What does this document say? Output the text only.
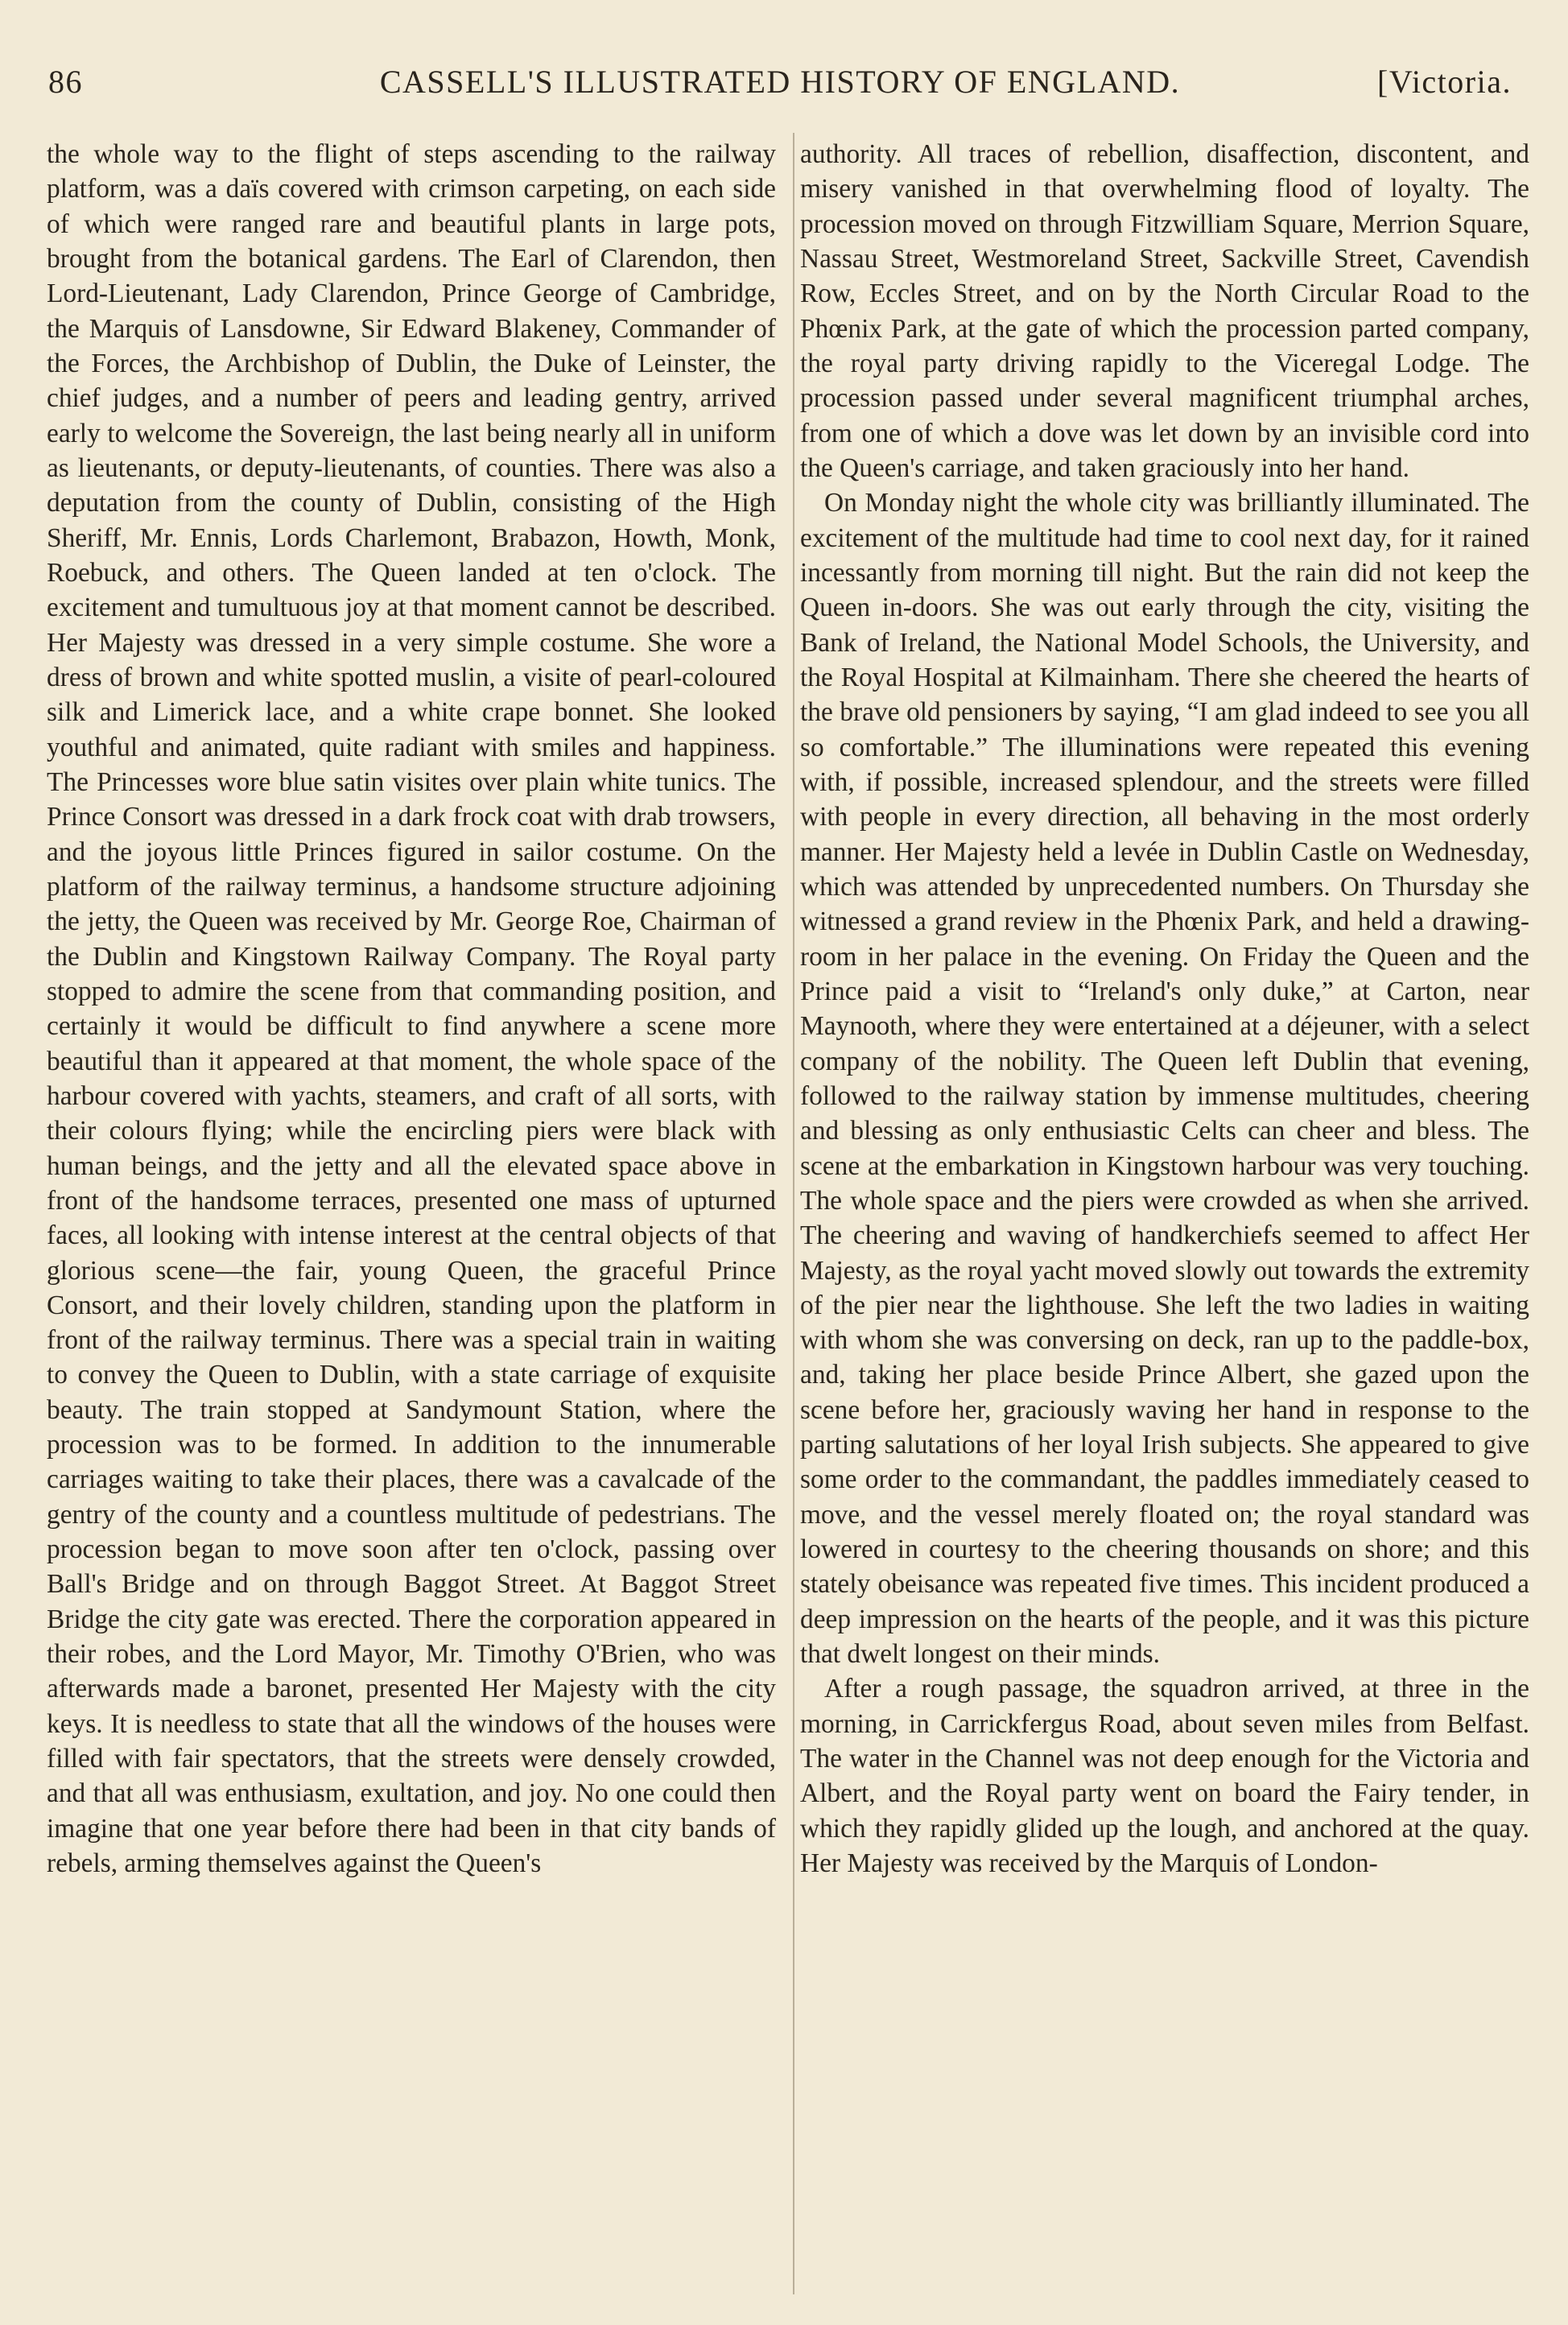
86	CASSELL'S ILLUSTRATED HISTORY OF ENGLAND.	[Victoria.

the whole way to the flight of steps ascending to the railway platform, was a daïs covered with crimson carpeting, on each side of which were ranged rare and beautiful plants in large pots, brought from the botanical gardens. The Earl of Clarendon, then Lord-Lieutenant, Lady Clarendon, Prince George of Cambridge, the Marquis of Lansdowne, Sir Edward Blakeney, Commander of the Forces, the Archbishop of Dublin, the Duke of Leinster, the chief judges, and a number of peers and leading gentry, arrived early to welcome the Sovereign, the last being nearly all in uniform as lieutenants, or deputy-lieutenants, of counties. There was also a deputation from the county of Dublin, consisting of the High Sheriff, Mr. Ennis, Lords Charlemont, Brabazon, Howth, Monk, Roebuck, and others. The Queen landed at ten o'clock. The excitement and tumultuous joy at that moment cannot be described. Her Majesty was dressed in a very simple costume. She wore a dress of brown and white spotted muslin, a visite of pearl-coloured silk and Limerick lace, and a white crape bonnet. She looked youthful and animated, quite radiant with smiles and happiness. The Princesses wore blue satin visites over plain white tunics. The Prince Consort was dressed in a dark frock coat with drab trowsers, and the joyous little Princes figured in sailor costume. On the platform of the railway terminus, a handsome structure adjoining the jetty, the Queen was received by Mr. George Roe, Chairman of the Dublin and Kingstown Railway Company. The Royal party stopped to admire the scene from that commanding position, and certainly it would be difficult to find anywhere a scene more beautiful than it appeared at that moment, the whole space of the harbour covered with yachts, steamers, and craft of all sorts, with their colours flying; while the encircling piers were black with human beings, and the jetty and all the elevated space above in front of the handsome terraces, presented one mass of upturned faces, all looking with intense interest at the central objects of that glorious scene—the fair, young Queen, the graceful Prince Consort, and their lovely children, standing upon the platform in front of the railway terminus. There was a special train in waiting to convey the Queen to Dublin, with a state carriage of exquisite beauty. The train stopped at Sandymount Station, where the procession was to be formed. In addition to the innumerable carriages waiting to take their places, there was a cavalcade of the gentry of the county and a countless multitude of pedestrians. The procession began to move soon after ten o'clock, passing over Ball's Bridge and on through Baggot Street. At Baggot Street Bridge the city gate was erected. There the corporation appeared in their robes, and the Lord Mayor, Mr. Timothy O'Brien, who was afterwards made a baronet, presented Her Majesty with the city keys. It is needless to state that all the windows of the houses were filled with fair spectators, that the streets were densely crowded, and that all was enthusiasm, exultation, and joy. No one could then imagine that one year before there had been in that city bands of rebels, arming themselves against the Queen's

authority. All traces of rebellion, disaffection, discontent, and misery vanished in that overwhelming flood of loyalty. The procession moved on through Fitzwilliam Square, Merrion Square, Nassau Street, Westmoreland Street, Sackville Street, Cavendish Row, Eccles Street, and on by the North Circular Road to the Phœnix Park, at the gate of which the procession parted company, the royal party driving rapidly to the Viceregal Lodge. The procession passed under several magnificent triumphal arches, from one of which a dove was let down by an invisible cord into the Queen's carriage, and taken graciously into her hand.

On Monday night the whole city was brilliantly illuminated. The excitement of the multitude had time to cool next day, for it rained incessantly from morning till night. But the rain did not keep the Queen in-doors. She was out early through the city, visiting the Bank of Ireland, the National Model Schools, the University, and the Royal Hospital at Kilmainham. There she cheered the hearts of the brave old pensioners by saying, “I am glad indeed to see you all so comfortable.” The illuminations were repeated this evening with, if possible, increased splendour, and the streets were filled with people in every direction, all behaving in the most orderly manner. Her Majesty held a levée in Dublin Castle on Wednesday, which was attended by unprecedented numbers. On Thursday she witnessed a grand review in the Phœnix Park, and held a drawing-room in her palace in the evening. On Friday the Queen and the Prince paid a visit to “Ireland's only duke,” at Carton, near Maynooth, where they were entertained at a déjeuner, with a select company of the nobility. The Queen left Dublin that evening, followed to the railway station by immense multitudes, cheering and blessing as only enthusiastic Celts can cheer and bless. The scene at the embarkation in Kingstown harbour was very touching. The whole space and the piers were crowded as when she arrived. The cheering and waving of handkerchiefs seemed to affect Her Majesty, as the royal yacht moved slowly out towards the extremity of the pier near the lighthouse. She left the two ladies in waiting with whom she was conversing on deck, ran up to the paddle-box, and, taking her place beside Prince Albert, she gazed upon the scene before her, graciously waving her hand in response to the parting salutations of her loyal Irish subjects. She appeared to give some order to the commandant, the paddles immediately ceased to move, and the vessel merely floated on; the royal standard was lowered in courtesy to the cheering thousands on shore; and this stately obeisance was repeated five times. This incident produced a deep impression on the hearts of the people, and it was this picture that dwelt longest on their minds.

After a rough passage, the squadron arrived, at three in the morning, in Carrickfergus Road, about seven miles from Belfast. The water in the Channel was not deep enough for the Victoria and Albert, and the Royal party went on board the Fairy tender, in which they rapidly glided up the lough, and anchored at the quay. Her Majesty was received by the Marquis of London-
